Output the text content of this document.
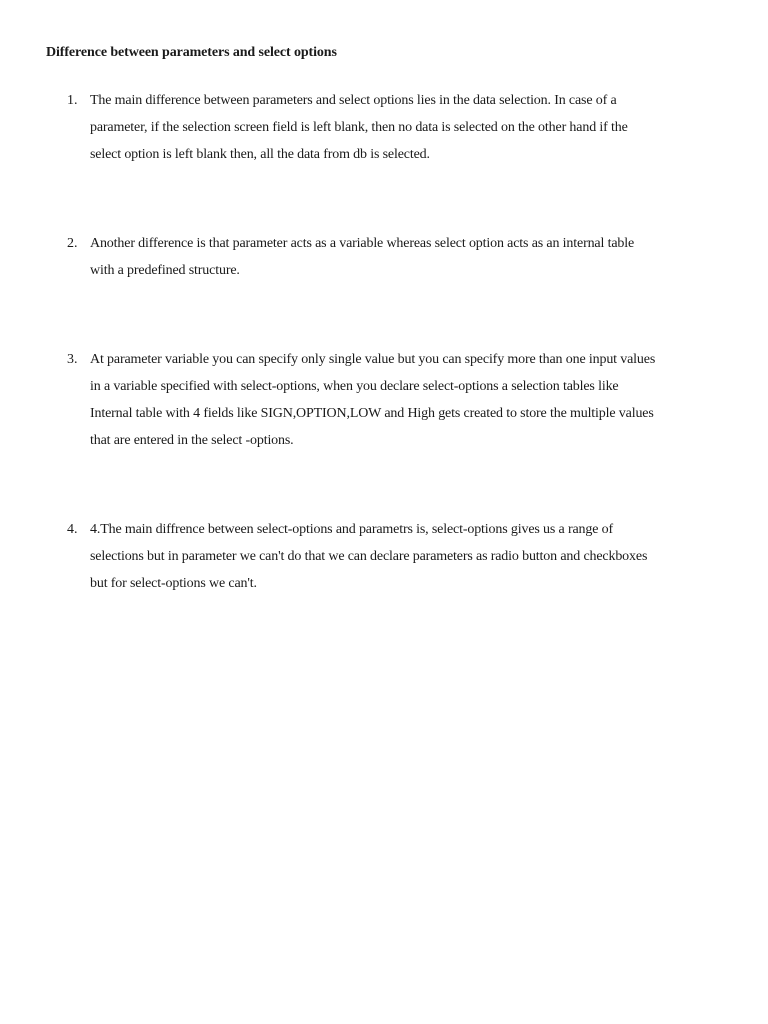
Difference between parameters and select options
1. The main difference between parameters and select options lies in the data selection. In case of a
parameter, if the selection screen field is left blank, then no data is selected on the other hand if the
select option is left blank then, all the data from db is selected.
2. Another difference is that parameter acts as a variable whereas select option acts as an internal table
with a predefined structure.
3. At parameter variable you can specify only single value but you can specify more than one input values
in a variable specified with select-options, when you declare select-options a selection tables like
Internal table with 4 fields like SIGN,OPTION,LOW and High gets created to store the multiple values
that are entered in the select -options.
4. 4.The main diffrence between select-options and parametrs is, select-options gives us a range of
selections but in parameter we can't do that we can declare parameters as radio button and checkboxes
but for select-options we can't.
